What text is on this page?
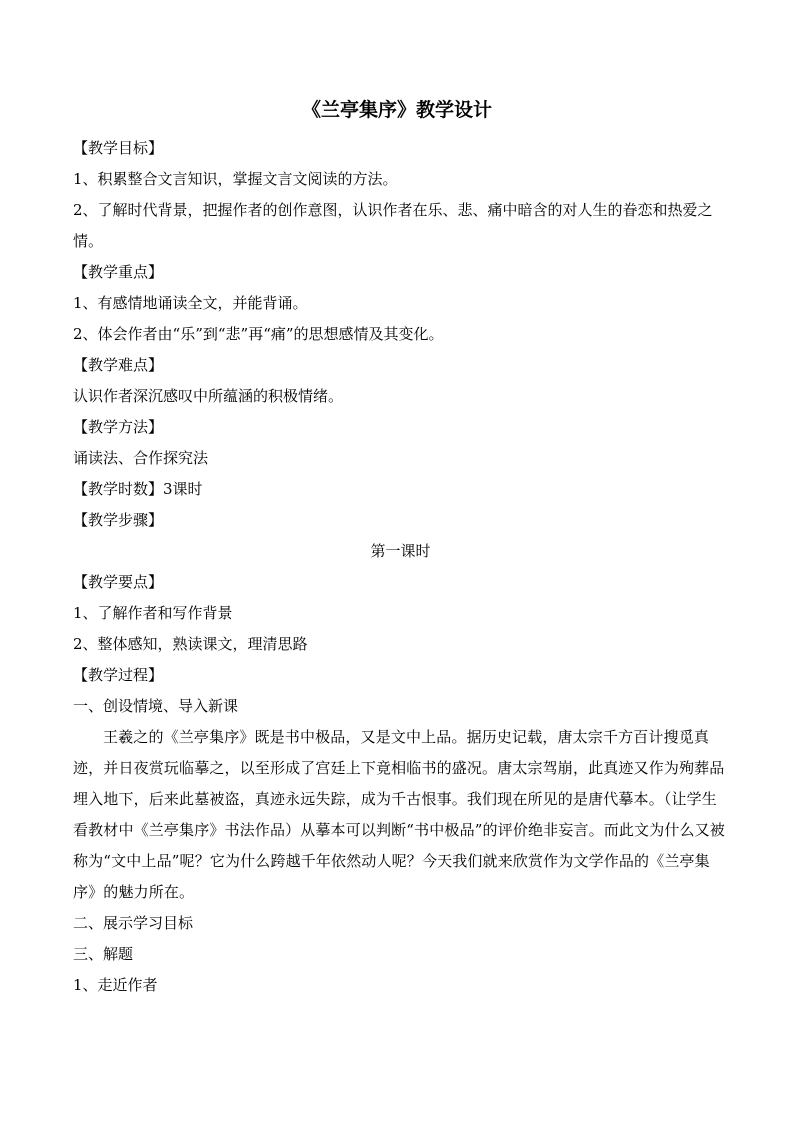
《兰亭集序》教学设计
【教学目标】
1、积累整合文言知识，掌握文言文阅读的方法。
2、了解时代背景，把握作者的创作意图，认识作者在乐、悲、痛中暗含的对人生的眷恋和热爱之情。
【教学重点】
1、有感情地诵读全文，并能背诵。
2、体会作者由“乐”到“悲”再“痛”的思想感情及其变化。
【教学难点】
认识作者深沉感叹中所蕴涵的积极情绪。
【教学方法】
诵读法、合作探究法
【教学时数】3课时
【教学步骤】
第一课时
【教学要点】
1、了解作者和写作背景
2、整体感知，熟读课文，理清思路
【教学过程】
一、创设情境、导入新课
王羲之的《兰亭集序》既是书中极品，又是文中上品。据历史记载，唐太宗千方百计搜觅真迹，并日夜赏玩临摹之，以至形成了宫廷上下竟相临书的盛况。唐太宗驾崩，此真迹又作为殉葬品埋入地下，后来此墓被盗，真迹永远失踪，成为千古恨事。我们现在所见的是唐代摹本。（让学生看教材中《兰亭集序》书法作品）从摹本可以判断“书中极品”的评价绝非妄言。而此文为什么又被称为“文中上品”呢？它为什么跨越千年依然动人呢？今天我们就来欣赏作为文学作品的《兰亭集序》的魅力所在。
二、展示学习目标
三、解题
1、走近作者
